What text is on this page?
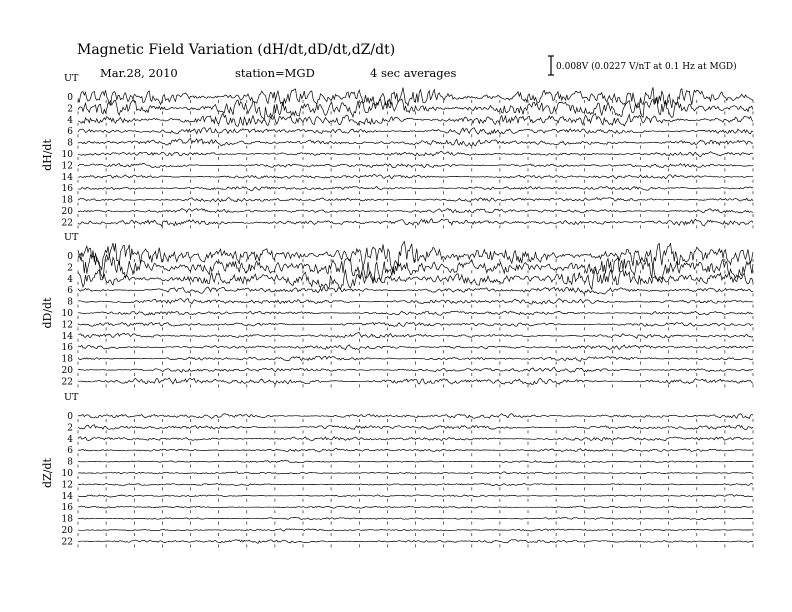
Magnetic Field Variation (dH/dt,dD/dt,dZ/dt)
Mar.28, 2010	station=MGD	4 sec averages	0.008V (0.0227 V/nT at 0.1 Hz at MGD)
UT
dH/dt
0
2
4
6
8
10
12
14
16
18
20
22
UT
dD/dt
0
2
4
6
8
10
12
14
16
18
20
22
UT
dZ/dt
0
2
4
6
8
10
12
14
16
18
20
22
